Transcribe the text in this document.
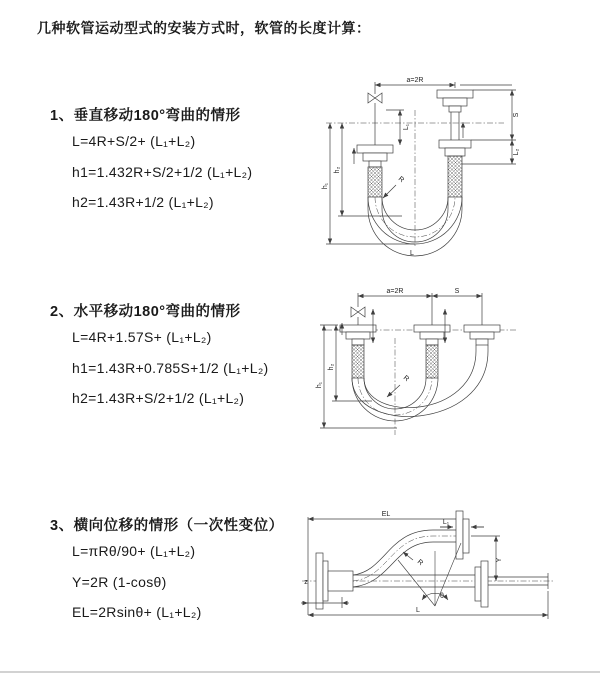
几种软管运动型式的安装方式时，软管的长度计算：
1、垂直移动180°弯曲的情形
L=4R+S/2+ (L₁+L₂)
h1=1.432R+S/2+1/2 (L₁+L₂)
h2=1.43R+1/2 (L₁+L₂)
2、水平移动180°弯曲的情形
L=4R+1.57S+ (L₁+L₂)
h1=1.43R+0.785S+1/2 (L₁+L₂)
h2=1.43R+S/2+1/2 (L₁+L₂)
3、横向位移的情形（一次性变位）
L=πRθ/90+ (L₁+L₂)
Y=2R (1-cosθ)
EL=2Rsinθ+ (L₁+L₂)
a=2R
L₁
h₁
h₂
S
L₂
R
L
a=2R	S
h₁
h₂
R
EL
L₁
Y
R
θ
L
z
